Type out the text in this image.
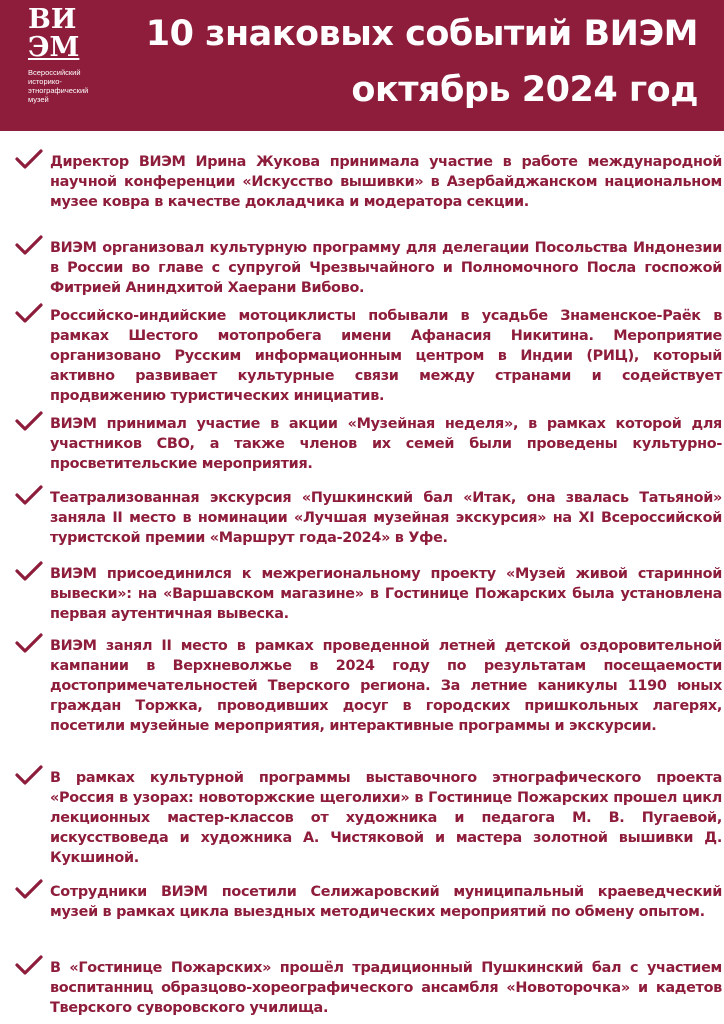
ВИ
ЭМ
Всероссийский историко-этнографический музей
10 знаковых событий ВИЭМ
октябрь 2024 год

Директор ВИЭМ Ирина Жукова принимала участие в работе международной научной конференции «Искусство вышивки» в Азербайджанском национальном музее ковра в качестве докладчика и модератора секции.

ВИЭМ организовал культурную программу для делегации Посольства Индонезии в России во главе с супругой Чрезвычайного и Полномочного Посла госпожой Фитрией Аниндхитой Хаерани Вибово.

Российско-индийские мотоциклисты побывали в усадьбе Знаменское-Раёк в рамках Шестого мотопробега имени Афанасия Никитина. Мероприятие организовано Русским информационным центром в Индии (РИЦ), который активно развивает культурные связи между странами и содействует продвижению туристических инициатив.

ВИЭМ принимал участие в акции «Музейная неделя», в рамках которой для участников СВО, а также членов их семей были проведены культурно-просветительские мероприятия.

Театрализованная экскурсия «Пушкинский бал «Итак, она звалась Татьяной» заняла II место в номинации «Лучшая музейная экскурсия» на XI Всероссийской туристской премии «Маршрут года-2024» в Уфе.

ВИЭМ присоединился к межрегиональному проекту «Музей живой старинной вывески»: на «Варшавском магазине» в Гостинице Пожарских была установлена первая аутентичная вывеска.

ВИЭМ занял II место в рамках проведенной летней детской оздоровительной кампании в Верхневолжье в 2024 году по результатам посещаемости достопримечательностей Тверского региона. За летние каникулы 1190 юных граждан Торжка, проводивших досуг в городских пришкольных лагерях, посетили музейные мероприятия, интерактивные программы и экскурсии.

В рамках культурной программы выставочного этнографического проекта «Россия в узорах: новоторжские щеголихи» в Гостинице Пожарских прошел цикл лекционных мастер-классов от художника и педагога М. В. Пугаевой, искусствоведа и художника А. Чистяковой и мастера золотной вышивки Д. Кукшиной.

Сотрудники ВИЭМ посетили Селижаровский муниципальный краеведческий музей в рамках цикла выездных методических мероприятий по обмену опытом.

В «Гостинице Пожарских» прошёл традиционный Пушкинский бал с участием воспитанниц образцово-хореографического ансамбля «Новоторочка» и кадетов Тверского суворовского училища.
